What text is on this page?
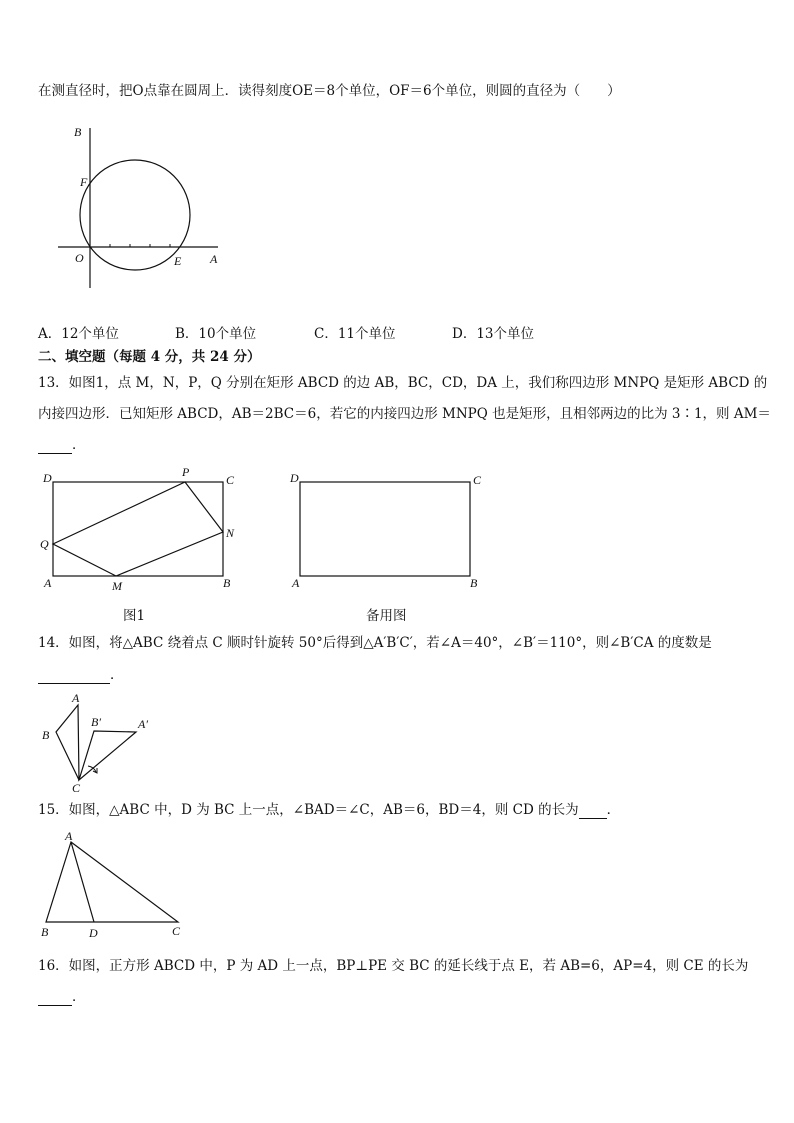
在测直径时，把O点靠在圆周上．读得刻度OE＝8个单位，OF＝6个单位，则圆的直径为（　　）
B
F
O	E A
A．12个单位	B．10个单位	C．11个单位	D．13个单位
二、填空题（每题 4 分，共 24 分）
13．如图1，点 M，N，P，Q 分别在矩形 ABCD 的边 AB，BC，CD，DA 上，我们称四边形 MNPQ 是矩形 ABCD 的
内接四边形．已知矩形 ABCD，AB＝2BC＝6，若它的内接四边形 MNPQ 也是矩形，且相邻两边的比为 3∶1，则 AM＝
．
D	P
C
Q
N
A	M	B
图1
D	C
A	B
备用图
14．如图，将△ABC 绕着点 C 顺时针旋转 50°后得到△A′B′C′，若∠A＝40°，∠B′＝110°，则∠B′CA 的度数是
．
A
B
B′	A′
C
15．如图，△ABC 中，D 为 BC 上一点，∠BAD＝∠C，AB＝6，BD＝4，则 CD 的长为 ．
A
B	D	C
16．如图，正方形 ABCD 中，P 为 AD 上一点，BP⊥PE 交 BC 的延长线于点 E，若 AB=6，AP=4，则 CE 的长为
．
